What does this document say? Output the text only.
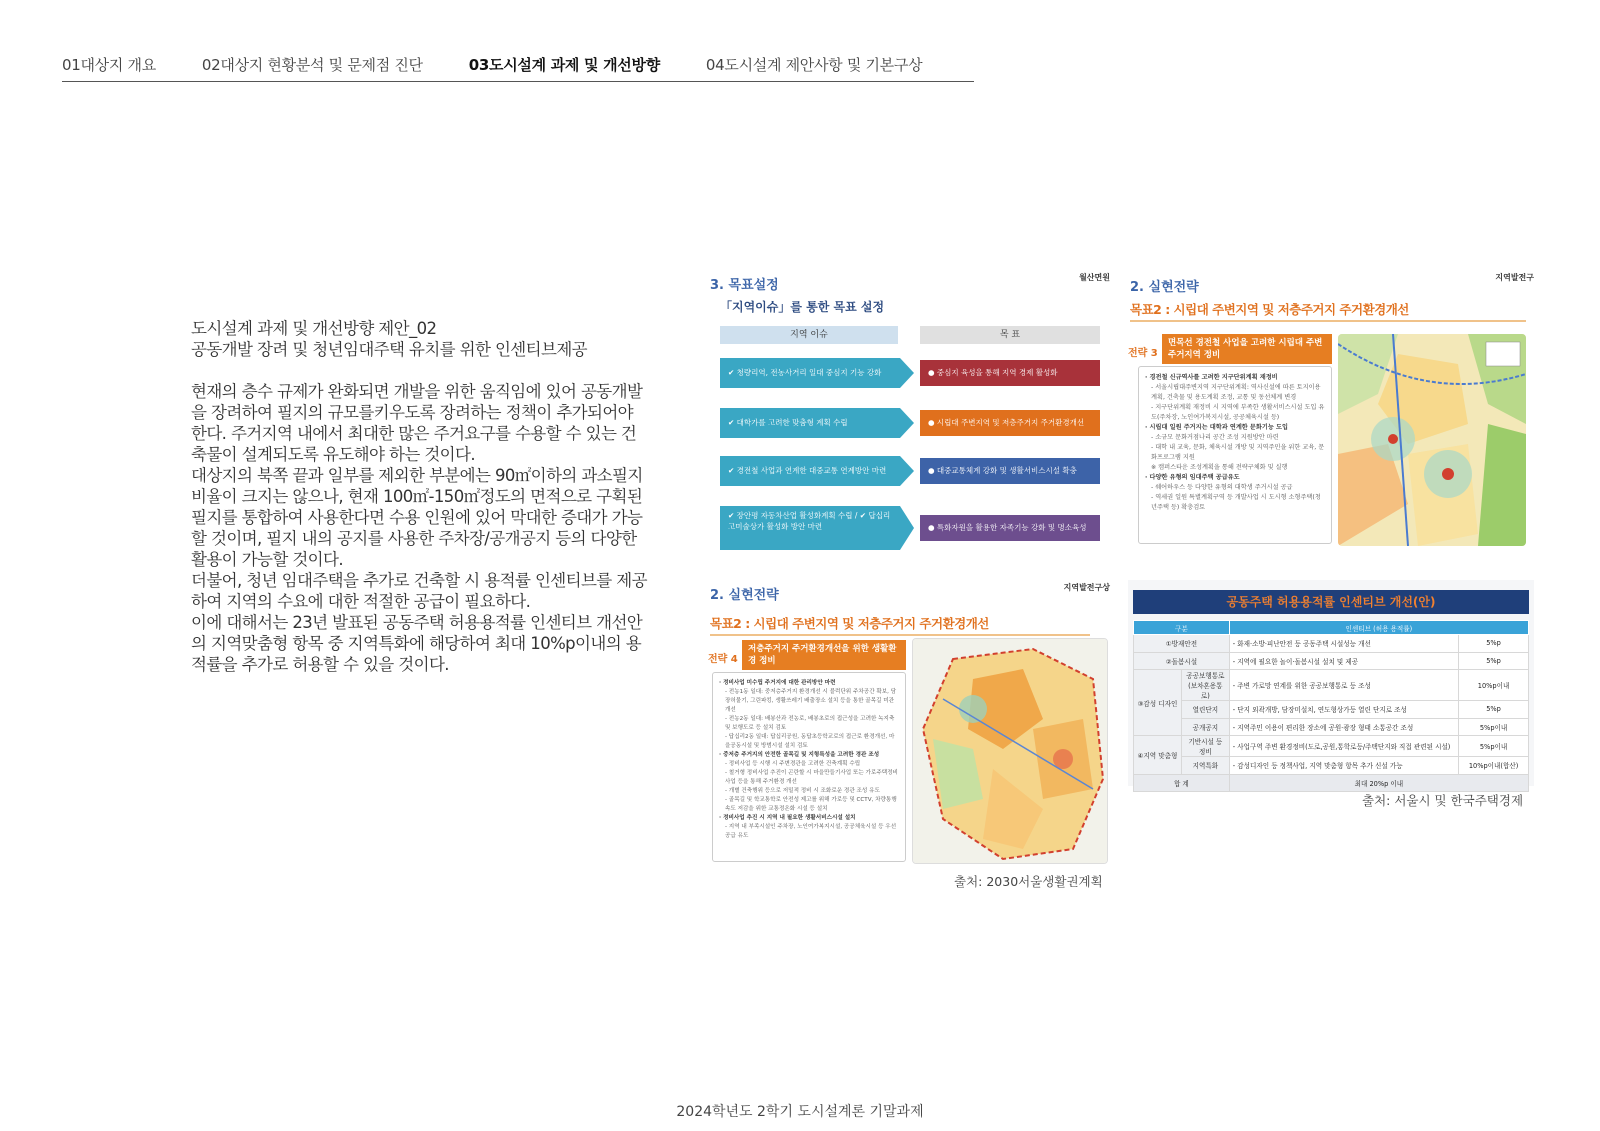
01대상지 개요	02대상지 현황분석 및 문제점 진단	03도시설계 과제 및 개선방향	04도시설계 제안사항 및 기본구상
도시설계 과제 및 개선방향 제안_02
공동개발 장려 및 청년임대주택 유치를 위한 인센티브제공
현재의 층수 규제가 완화되면 개발을 위한 움직임에 있어 공동개발을 장려하여 필지의 규모를키우도록 장려하는 정책이 추가되어야 한다. 주거지역 내에서 최대한 많은 주거요구를 수용할 수 있는 건축물이 설계되도록 유도해야 하는 것이다.
대상지의 북쪽 끝과 일부를 제외한 부분에는 90㎡이하의 과소필지 비율이 크지는 않으나, 현재 100㎡-150㎡정도의 면적으로 구획된 필지를 통합하여 사용한다면 수용 인원에 있어 막대한 증대가 가능할 것이며, 필지 내의 공지를 사용한 주차장/공개공지 등의 다양한 활용이 가능할 것이다.
더불어, 청년 임대주택을 추가로 건축할 시 용적률 인센티브를 제공하여 지역의 수요에 대한 적절한 공급이 필요하다.
이에 대해서는 23년 발표된 공동주택 허용용적률 인센티브 개선안의 지역맞춤형 항목 중 지역특화에 해당하여 최대 10%p이내의 용적률을 추가로 허용할 수 있을 것이다.
3. 목표설정
월산면원
「지역이슈」를 통한 목표 설정
지역 이슈	목 표
✔ 청량리역, 전농사거리 일대 중심지 기능 강화	● 중심지 육성을 통해 지역 경제 활성화
✔ 대학가를 고려한 맞춤형 계획 수립	● 시립대 주변지역 및 저층주거지 주거환경개선
✔ 경전철 사업과 연계한 대중교통 연계방안 마련	● 대중교통체계 강화 및 생활서비스시설 확충
✔ 장안평 자동차산업 활성화계획 수립 / ✔ 답십리 고미술상가 활성화 방안 마련	● 특화자원을 활용한 자족기능 강화 및 명소육성
2. 실현전략
지역발전구
목표2 : 시립대 주변지역 및 저층주거지 주거환경개선
전략 3
면목선 경전철 사업을 고려한 시립대 주변 주거지역 정비
· 경전철 신규역사를 고려한 지구단위계획 재정비
- 서울시립대주변지역 지구단위계획: 역사신설에 따른 토지이용계획, 건축물 및 용도계획 조정, 교통 및 동선체계 변경
- 지구단위계획 재정비 시 지역에 부족한 생활서비스시설 도입 유도(주차장, 노인여가복지시설, 공공체육시설 등)
· 시립대 일원 주거지는 대학과 연계한 문화기능 도입
- 소규모 문화거점나리 공간 조성 지원방안 마련
- 대학 내 교육, 문화, 체육시설 개방 및 지역주민을 위한 교육, 문화프로그램 지원
※ 캠퍼스타운 조성계획을 통해 전략구체화 및 실행
· 다양한 유형의 임대주택 공급유도
- 쉐어하우스 등 다양한 유형의 대학생 주거시설 공급
- 역세권 일원 특별계획구역 등 개발사업 시 도시형 소형주택(청년주택 등) 확충검토
2. 실현전략
지역발전구상
목표2 : 시립대 주변지역 및 저층주거지 주거환경개선
전략 4
저층주거지 주거환경개선을 위한 생활환경 정비
· 정비사업 미수립 주거지에 대한 관리방안 마련
- 전농1동 일대: 중저층주거지 환경개선 시 블럭단위 주차공간 확보, 담장허물기, 그린파킹, 생활쓰레기 배출장소 설치 등을 통한 골목길 미관개선
- 전농2동 일대: 배봉산과 전농로, 배봉초로의 접근성을 고려한 녹지축 및 보행도로 등 설치 검토
- 답십리2동 일대: 답십리공원, 동답초등학교로의 접근로 환경개선, 마을공동시설 및 방범시설 설치 검토
· 중저층 주거지의 안전한 골목길 및 지형특성을 고려한 경관 조성
- 정비사업 등 시행 시 주변경관을 고려한 건축계획 수립
- 철거형 정비사업 추진이 곤란할 시 마을만들기사업 또는 가로주택정비사업 등을 통해 주거환경 개선
- 개별 건축행위 등으로 저밀적 정비 시 조화로운 경관 조성 유도
- 골목길 및 학교통학로 안전성 제고를 위해 가로등 및 CCTV, 차량통행속도 저감을 위한 교통정온화 시설 등 설치
· 정비사업 추진 시 지역 내 필요한 생활서비스시설 설치
- 지역 내 부족시설인 주차장, 노인여가복지시설, 공공체육시설 등 우선 공급 유도
공동주택 허용용적률 인센티브 개선(안)
구분		인센티브 (허용 용적률)	
①방재안전		- 화재·소방·피난안전 등 공동주택 시설성능 개선	5%p
②돌봄시설		- 지역에 필요한 놀이·돌봄시설 설치 및 제공	5%p
③감성 디자인	공공보행통로(보차혼용통로)	- 주변 가로망 연계를 위한 공공보행통로 등 조성	10%p이내
	열린단지	- 단지 외곽개방, 담장미설치, 연도형상가등 열린 단지로 조성	5%p
	공개공지	- 지역주민 이용이 편리한 장소에 공원·광장 형태 소통공간 조성	5%p이내
④지역 맞춤형	기반시설 등 정비	- 사업구역 주변 환경정비(도로,공원,통학로등/주택단지와 직접 관련된 시설)	5%p이내
	지역특화	- 감성디자인 등 정책사업, 지역 맞춤형 항목 추가 신설 가능	10%p이내(합산)
합 계		최대 20%p 이내	
출처: 2030서울생활권계획
출처: 서울시 및 한국주택경제
2024학년도 2학기 도시설계론 기말과제
